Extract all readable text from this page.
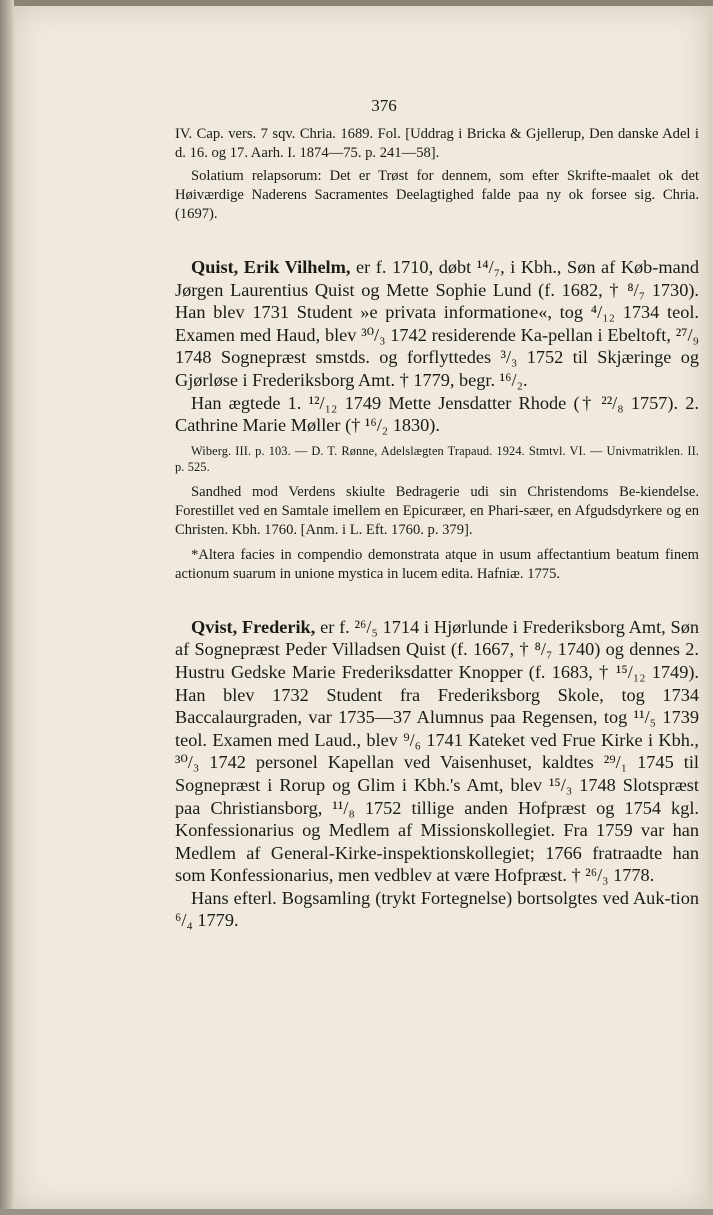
376

IV. Cap. vers. 7 sqv. Chria. 1689. Fol. [Uddrag i Bricka & Gjellerup, Den danske Adel i d. 16. og 17. Aarh. I. 1874—75. p. 241—58].

Solatium relapsorum: Det er Trøst for dennem, som efter Skrifte-maalet ok det Høiværdige Naderens Sacramentes Deelagtighed falde paa ny ok forsee sig. Chria. (1697).

Quist, Erik Vilhelm, er f. 1710, døbt ¹⁴/₇, i Kbh., Søn af Køb-mand Jørgen Laurentius Quist og Mette Sophie Lund (f. 1682, † ⁸/₇ 1730). Han blev 1731 Student »e privata informatione«, tog ⁴/₁₂ 1734 teol. Examen med Haud, blev ³⁰/₃ 1742 residerende Ka-pellan i Ebeltoft, ²⁷/₉ 1748 Sognepræst smstds. og forflyttedes ³/₃ 1752 til Skjæringe og Gjørløse i Frederiksborg Amt. † 1779, begr. ¹⁶/₂.

Han ægtede 1. ¹²/₁₂ 1749 Mette Jensdatter Rhode († ²²/₈ 1757). 2. Cathrine Marie Møller († ¹⁶/₂ 1830).

Wiberg. III. p. 103. — D. T. Rønne, Adelslægten Trapaud. 1924. Stmtvl. VI. — Univmatriklen. II. p. 525.

Sandhed mod Verdens skiulte Bedragerie udi sin Christendoms Be-kiendelse. Forestillet ved en Samtale imellem en Epicuræer, en Phari-sæer, en Afgudsdyrkere og en Christen. Kbh. 1760. [Anm. i L. Eft. 1760. p. 379].

*Altera facies in compendio demonstrata atque in usum affectantium beatum finem actionum suarum in unione mystica in lucem edita. Hafniæ. 1775.

Qvist, Frederik, er f. ²⁶/₅ 1714 i Hjørlunde i Frederiksborg Amt, Søn af Sognepræst Peder Villadsen Quist (f. 1667, † ⁸/₇ 1740) og dennes 2. Hustru Gedske Marie Frederiksdatter Knopper (f. 1683, † ¹⁵/₁₂ 1749). Han blev 1732 Student fra Frederiksborg Skole, tog 1734 Baccalaurgraden, var 1735—37 Alumnus paa Regensen, tog ¹¹/₅ 1739 teol. Examen med Laud., blev ⁹/₆ 1741 Kateket ved Frue Kirke i Kbh., ³⁰/₃ 1742 personel Kapellan ved Vaisenhuset, kaldtes ²⁹/₁ 1745 til Sognepræst i Rorup og Glim i Kbh.'s Amt, blev ¹⁵/₃ 1748 Slotspræst paa Christiansborg, ¹¹/₈ 1752 tillige anden Hofpræst og 1754 kgl. Konfessionarius og Medlem af Missionskollegiet. Fra 1759 var han Medlem af General-Kirke-inspektionskollegiet; 1766 fratraadte han som Konfessionarius, men vedblev at være Hofpræst. † ²⁶/₃ 1778.

Hans efterl. Bogsamling (trykt Fortegnelse) bortsolgtes ved Auk-tion ⁶/₄ 1779.
